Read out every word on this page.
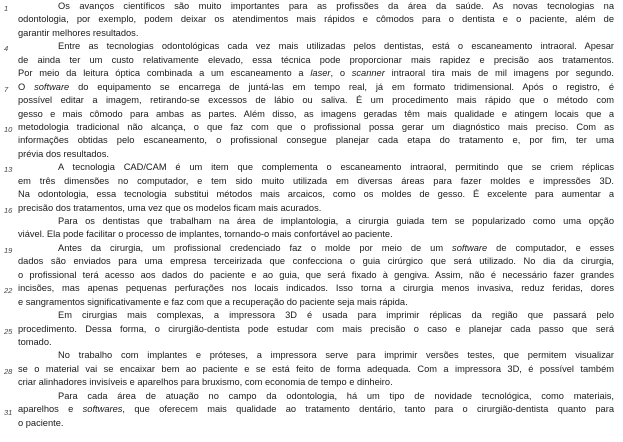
1
4
7
10
13
16
19
22
25
28
31
Os avanços científicos são muito importantes para as profissões da área da saúde. As novas tecnologias na
odontologia, por exemplo, podem deixar os atendimentos mais rápidos e cômodos para o dentista e o paciente, além de
garantir melhores resultados.
Entre as tecnologias odontológicas cada vez mais utilizadas pelos dentistas, está o escaneamento intraoral. Apesar
de ainda ter um custo relativamente elevado, essa técnica pode proporcionar mais rapidez e precisão aos tratamentos.
Por meio da leitura óptica combinada a um escaneamento a laser, o scanner intraoral tira mais de mil imagens por segundo.
O software do equipamento se encarrega de juntá-las em tempo real, já em formato tridimensional. Após o registro, é
possível editar a imagem, retirando-se excessos de lábio ou saliva. É um procedimento mais rápido que o método com
gesso e mais cômodo para ambas as partes. Além disso, as imagens geradas têm mais qualidade e atingem locais que a
metodologia tradicional não alcança, o que faz com que o profissional possa gerar um diagnóstico mais preciso. Com as
informações obtidas pelo escaneamento, o profissional consegue planejar cada etapa do tratamento e, por fim, ter uma
prévia dos resultados.
A tecnologia CAD/CAM é um item que complementa o escaneamento intraoral, permitindo que se criem réplicas
em três dimensões no computador, e tem sido muito utilizada em diversas áreas para fazer moldes e impressões 3D.
Na odontologia, essa tecnologia substitui métodos mais arcaicos, como os moldes de gesso. É excelente para aumentar a
precisão dos tratamentos, uma vez que os modelos ficam mais acurados.
Para os dentistas que trabalham na área de implantologia, a cirurgia guiada tem se popularizado como uma opção
viável. Ela pode facilitar o processo de implantes, tornando-o mais confortável ao paciente.
Antes da cirurgia, um profissional credenciado faz o molde por meio de um software de computador, e esses
dados são enviados para uma empresa terceirizada que confecciona o guia cirúrgico que será utilizado. No dia da cirurgia,
o profissional terá acesso aos dados do paciente e ao guia, que será fixado à gengiva. Assim, não é necessário fazer grandes
incisões, mas apenas pequenas perfurações nos locais indicados. Isso torna a cirurgia menos invasiva, reduz feridas, dores
e sangramentos significativamente e faz com que a recuperação do paciente seja mais rápida.
Em cirurgias mais complexas, a impressora 3D é usada para imprimir réplicas da região que passará pelo
procedimento. Dessa forma, o cirurgião-dentista pode estudar com mais precisão o caso e planejar cada passo que será
tomado.
No trabalho com implantes e próteses, a impressora serve para imprimir versões testes, que permitem visualizar
se o material vai se encaixar bem ao paciente e se está feito de forma adequada. Com a impressora 3D, é possível também
criar alinhadores invisíveis e aparelhos para bruxismo, com economia de tempo e dinheiro.
Para cada área de atuação no campo da odontologia, há um tipo de novidade tecnológica, como materiais,
aparelhos e softwares, que oferecem mais qualidade ao tratamento dentário, tanto para o cirurgião-dentista quanto para
o paciente.
